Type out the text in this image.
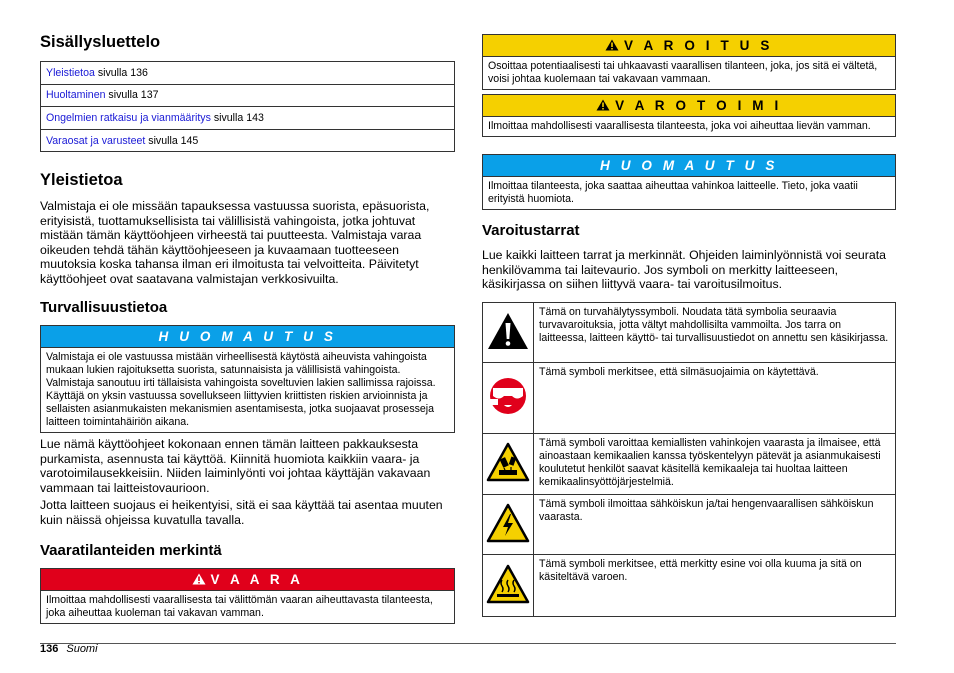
Sisällysluettelo
Yleistietoa sivulla 136
Huoltaminen sivulla 137
Ongelmien ratkaisu ja vianmääritys sivulla 143
Varaosat ja varusteet sivulla 145
Yleistietoa

Valmistaja ei ole missään tapauksessa vastuussa suorista, epäsuorista, erityisistä, tuottamuksellisista tai välillisistä vahingoista, jotka johtuvat mistään tämän käyttöohjeen virheestä tai puutteesta. Valmistaja varaa oikeuden tehdä tähän käyttöohjeeseen ja kuvaamaan tuotteeseen muutoksia koska tahansa ilman eri ilmoitusta tai velvoitteita. Päivitetyt käyttöohjeet ovat saatavana valmistajan verkkosivuilta.

Turvallisuustietoa
H U O M A U T U S
Valmistaja ei ole vastuussa mistään virheellisestä käytöstä aiheuvista vahingoista mukaan lukien rajoituksetta suorista, satunnaisista ja välillisistä vahingoista. Valmistaja sanoutuu irti tällaisista vahingoista soveltuvien lakien sallimissa rajoissa. Käyttäjä on yksin vastuussa sovellukseen liittyvien kriittisten riskien arvioinnista ja sellaisten asianmukaisten mekanismien asentamisesta, jotka suojaavat prosesseja laitteen toimintahäiriön aikana.

Lue nämä käyttöohjeet kokonaan ennen tämän laitteen pakkauksesta purkamista, asennusta tai käyttöä. Kiinnitä huomiota kaikkiin vaara- ja varotoimilausekkeisiin. Niiden laiminlyönti voi johtaa käyttäjän vakavaan vammaan tai laitteistovaurioon.

Jotta laitteen suojaus ei heikentyisi, sitä ei saa käyttää tai asentaa muuten kuin näissä ohjeissa kuvatulla tavalla.

Vaaratilanteiden merkintä
V A A R A
Ilmoittaa mahdollisesti vaarallisesta tai välittömän vaaran aiheuttavasta tilanteesta, joka aiheuttaa kuoleman tai vakavan vamman.
V A R O I T U S
Osoittaa potentiaalisesti tai uhkaavasti vaarallisen tilanteen, joka, jos sitä ei vältetä, voisi johtaa kuolemaan tai vakavaan vammaan.
V A R O T O I M I
Ilmoittaa mahdollisesti vaarallisesta tilanteesta, joka voi aiheuttaa lievän vamman.
H U O M A U T U S
Ilmoittaa tilanteesta, joka saattaa aiheuttaa vahinkoa laitteelle. Tieto, joka vaatii erityistä huomiota.
Varoitustarrat

Lue kaikki laitteen tarrat ja merkinnät. Ohjeiden laiminlyönnistä voi seurata henkilövamma tai laitevaurio. Jos symboli on merkitty laitteeseen, käsikirjassa on siihen liittyvä vaara- tai varoitusilmoitus.

	Tämä on turvahälytyssymboli. Noudata tätä symbolia seuraavia turvavaroituksia, jotta vältyt mahdollisilta vammoilta. Jos tarra on laitteessa, laitteen käyttö- tai turvallisuustiedot on annettu sen käsikirjassa.
	Tämä symboli merkitsee, että silmäsuojaimia on käytettävä.
	Tämä symboli varoittaa kemiallisten vahinkojen vaarasta ja ilmaisee, että ainoastaan kemikaalien kanssa työskentelyyn pätevät ja asianmukaisesti koulutetut henkilöt saavat käsitellä kemikaaleja tai huoltaa laitteen kemikaalinsyöttöjärjestelmiä.
	Tämä symboli ilmoittaa sähköiskun ja/tai hengenvaarallisen sähköiskun vaarasta.
	Tämä symboli merkitsee, että merkitty esine voi olla kuuma ja sitä on käsiteltävä varoen.
136 Suomi
